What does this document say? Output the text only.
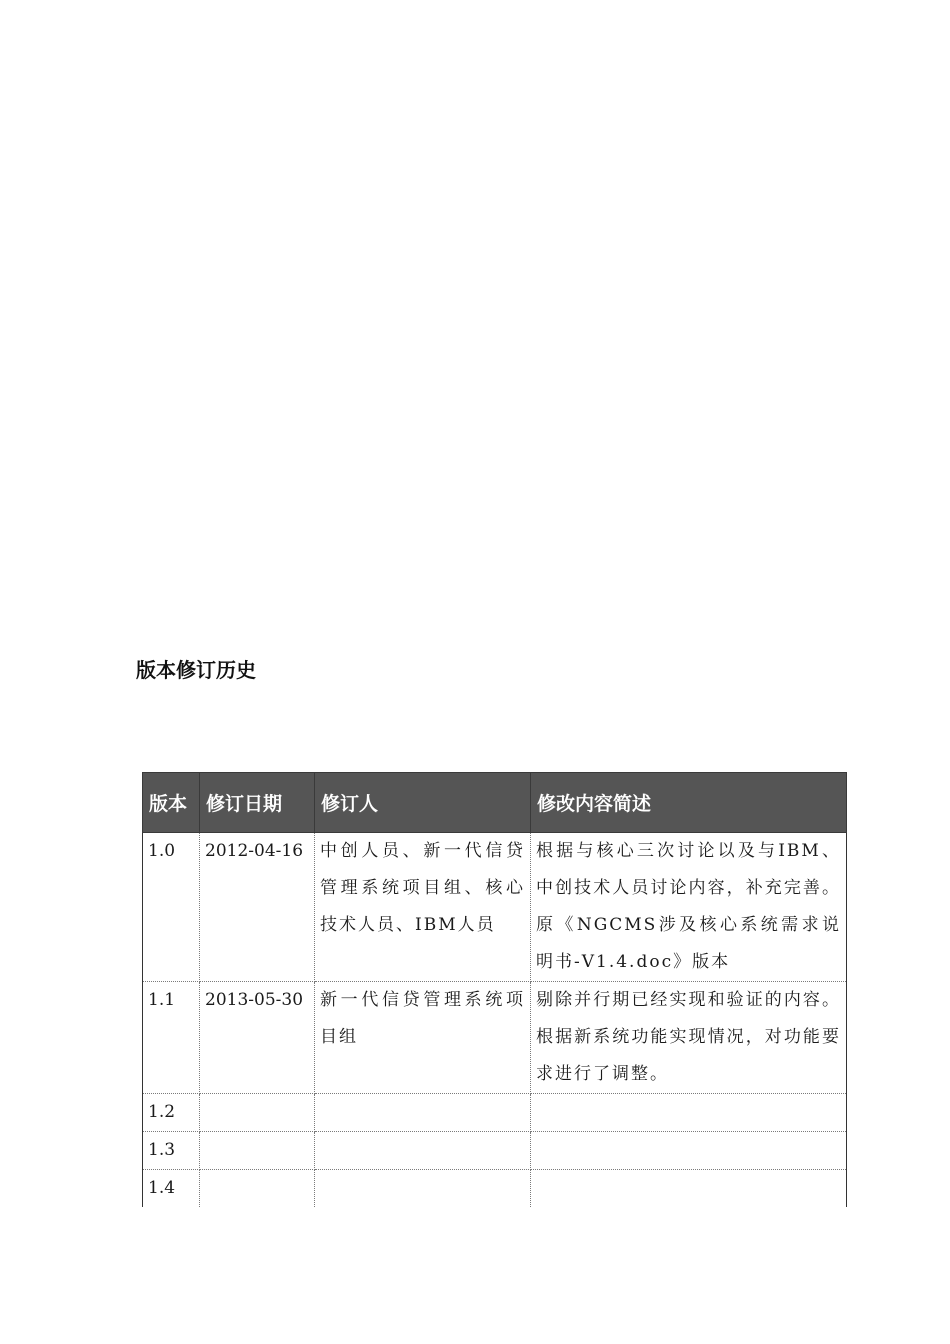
版本修订历史
版本	修订日期	修订人	修改内容简述
1.0	2012-04-16	中创人员、新一代信贷管理系统项目组、核心技术人员、IBM人员	根据与核心三次讨论以及与IBM、中创技术人员讨论内容，补充完善。原《NGCMS涉及核心系统需求说明书-V1.4.doc》版本
1.1	2013-05-30	新一代信贷管理系统项目组	剔除并行期已经实现和验证的内容。根据新系统功能实现情况，对功能要求进行了调整。
1.2			
1.3			
1.4			
